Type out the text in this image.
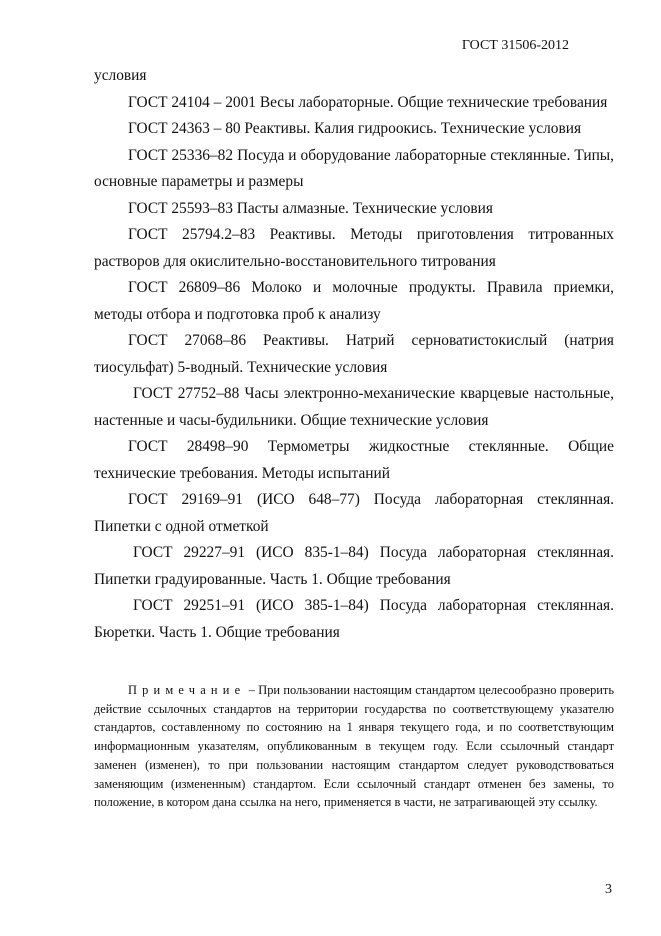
ГОСТ 31506-2012

условия

ГОСТ 24104 – 2001 Весы лабораторные. Общие технические требования

ГОСТ 24363 – 80 Реактивы. Калия гидроокись. Технические условия

ГОСТ 25336–82 Посуда и оборудование лабораторные стеклянные. Типы, основные параметры и размеры

ГОСТ 25593–83 Пасты алмазные. Технические условия

ГОСТ 25794.2–83 Реактивы. Методы приготовления титрованных растворов для окислительно-восстановительного титрования

ГОСТ 26809–86 Молоко и молочные продукты. Правила приемки, методы отбора и подготовка проб к анализу

ГОСТ 27068–86 Реактивы. Натрий серноватистокислый (натрия тиосульфат) 5-водный. Технические условия

ГОСТ 27752–88 Часы электронно-механические кварцевые настольные, настенные и часы-будильники. Общие технические условия

ГОСТ 28498–90 Термометры жидкостные стеклянные. Общие технические требования. Методы испытаний

ГОСТ 29169–91 (ИСО 648–77) Посуда лабораторная стеклянная. Пипетки с одной отметкой

ГОСТ 29227–91 (ИСО 835-1–84) Посуда лабораторная стеклянная. Пипетки градуированные. Часть 1. Общие требования

ГОСТ 29251–91 (ИСО 385-1–84) Посуда лабораторная стеклянная. Бюретки. Часть 1. Общие требования

Примечание – При пользовании настоящим стандартом целесообразно проверить действие ссылочных стандартов на территории государства по соответствующему указателю стандартов, составленному по состоянию на 1 января текущего года, и по соответствующим информационным указателям, опубликованным в текущем году. Если ссылочный стандарт заменен (изменен), то при пользовании настоящим стандартом следует руководствоваться заменяющим (измененным) стандартом. Если ссылочный стандарт отменен без замены, то положение, в котором дана ссылка на него, применяется в части, не затрагивающей эту ссылку.

3
